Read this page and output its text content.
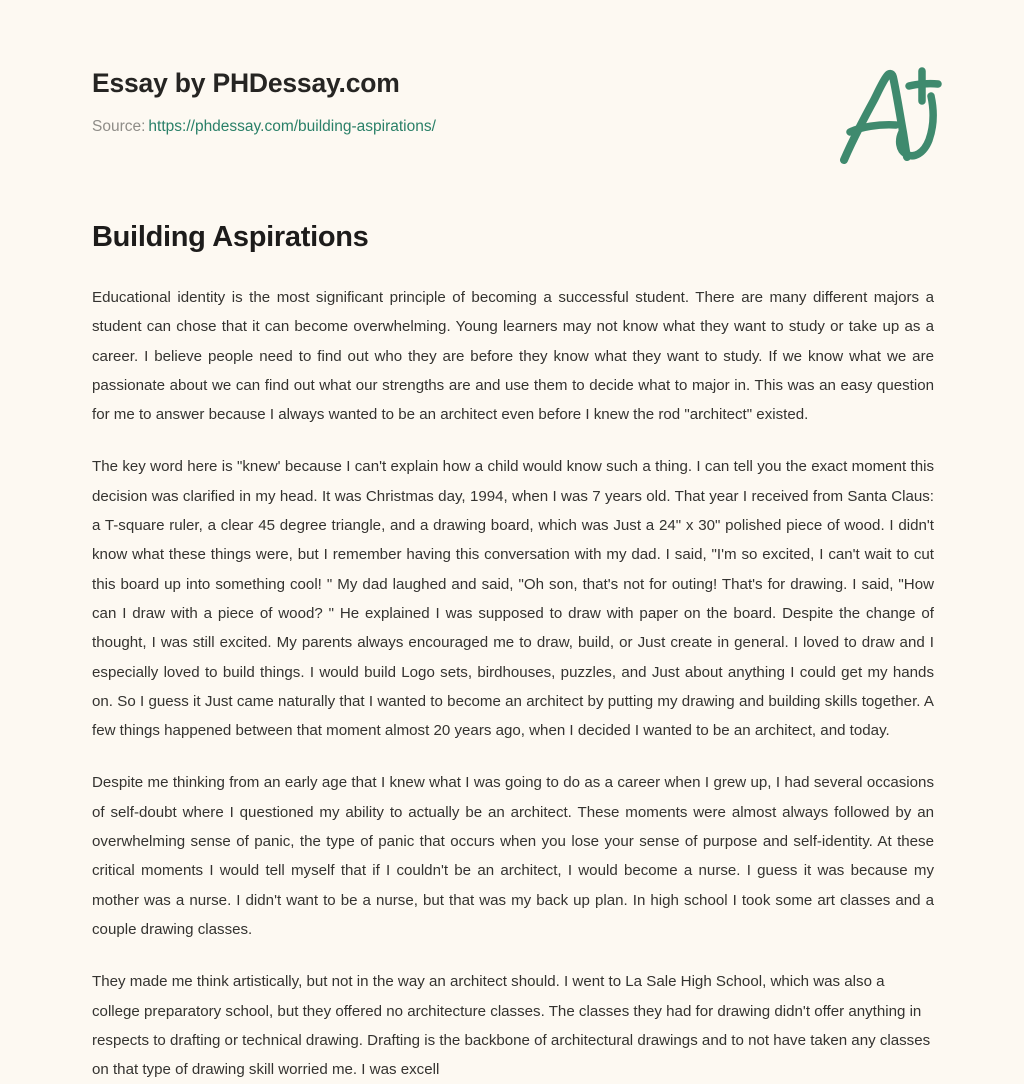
Essay by PHDessay.com
Source: https://phdessay.com/building-aspirations/
Building Aspirations

Educational identity is the most significant principle of becoming a successful student. There are many different majors a student can chose that it can become overwhelming. Young learners may not know what they want to study or take up as a career. I believe people need to find out who they are before they know what they want to study. If we know what we are passionate about we can find out what our strengths are and use them to decide what to major in. This was an easy question for me to answer because I always wanted to be an architect even before I knew the rod "architect" existed.

The key word here is "knew' because I can't explain how a child would know such a thing. I can tell you the exact moment this decision was clarified in my head. It was Christmas day, 1994, when I was 7 years old. That year I received from Santa Claus: a T-square ruler, a clear 45 degree triangle, and a drawing board, which was Just a 24" x 30" polished piece of wood. I didn't know what these things were, but I remember having this conversation with my dad. I said, "I'm so excited, I can't wait to cut this board up into something cool! " My dad laughed and said, "Oh son, that's not for outing! That's for drawing. I said, "How can I draw with a piece of wood? " He explained I was supposed to draw with paper on the board. Despite the change of thought, I was still excited. My parents always encouraged me to draw, build, or Just create in general. I loved to draw and I especially loved to build things. I would build Logo sets, birdhouses, puzzles, and Just about anything I could get my hands on. So I guess it Just came naturally that I wanted to become an architect by putting my drawing and building skills together. A few things happened between that moment almost 20 years ago, when I decided I wanted to be an architect, and today.

Despite me thinking from an early age that I knew what I was going to do as a career when I grew up, I had several occasions of self-doubt where I questioned my ability to actually be an architect. These moments were almost always followed by an overwhelming sense of panic, the type of panic that occurs when you lose your sense of purpose and self-identity. At these critical moments I would tell myself that if I couldn't be an architect, I would become a nurse. I guess it was because my mother was a nurse. I didn't want to be a nurse, but that was my back up plan. In high school I took some art classes and a couple drawing classes.

They made me think artistically, but not in the way an architect should. I went to La Sale High School, which was also a college preparatory school, but they offered no architecture classes. The classes they had for drawing didn't offer anything in respects to drafting or technical drawing. Drafting is the backbone of architectural drawings and to not have taken any classes on that type of drawing skill worried me. I was excell
